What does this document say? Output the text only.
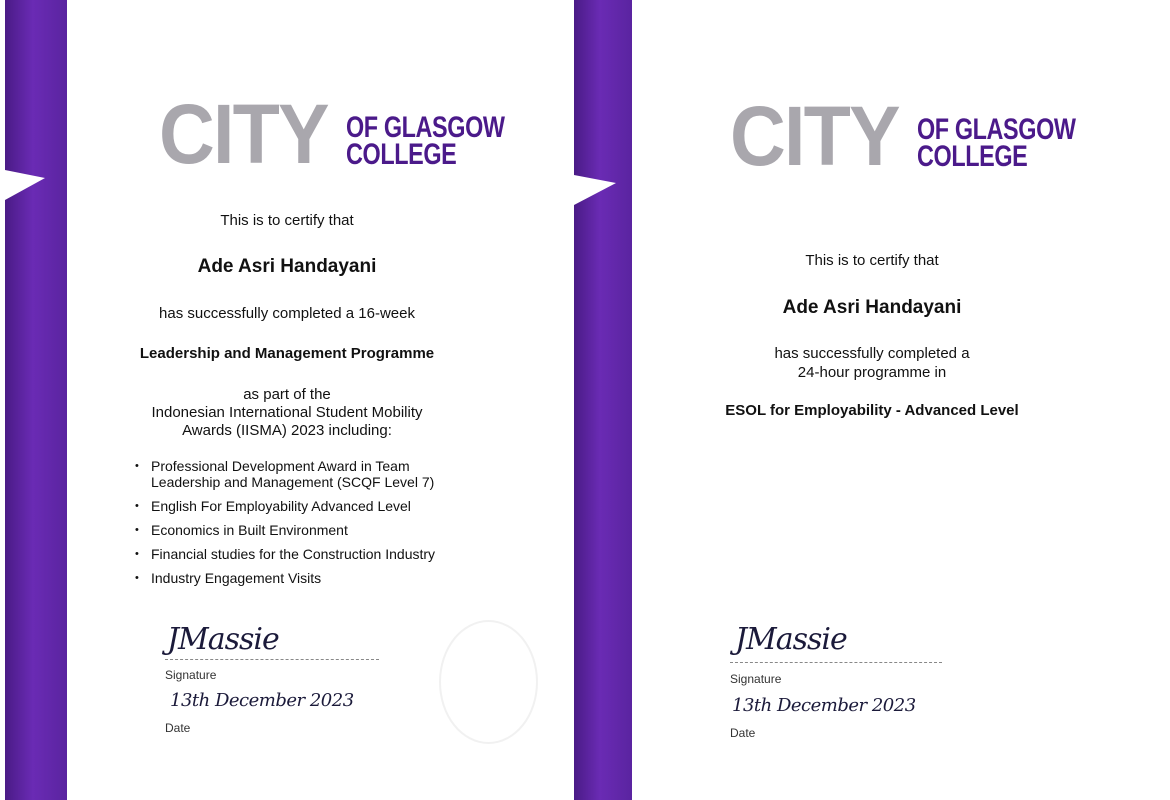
CITY OF GLASGOW
COLLEGE
This is to certify that
Ade Asri Handayani
has successfully completed a 16-week
Leadership and Management Programme
as part of the
Indonesian International Student Mobility
Awards (IISMA) 2023 including:
• Professional Development Award in Team Leadership and Management (SCQF Level 7)
• English For Employability Advanced Level
• Economics in Built Environment
• Financial studies for the Construction Industry
• Industry Engagement Visits
JMassie
Signature
13th December 2023
Date
CITY OF GLASGOW
COLLEGE
This is to certify that
Ade Asri Handayani
has successfully completed a
24-hour programme in
ESOL for Employability - Advanced Level
JMassie
Signature
13th December 2023
Date
